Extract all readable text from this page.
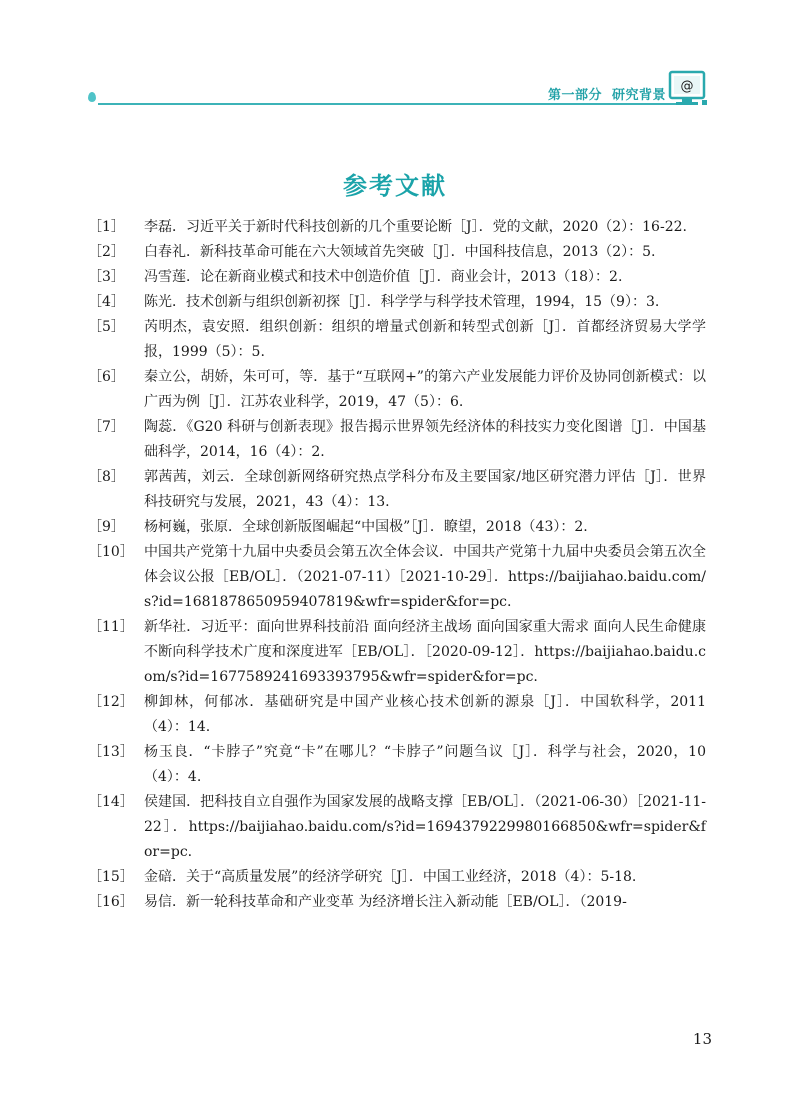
第一部分  研究背景
@
参考文献
［1］	李磊．习近平关于新时代科技创新的几个重要论断［J］．党的文献，2020（2）：16-22.
［2］	白春礼．新科技革命可能在六大领域首先突破［J］．中国科技信息，2013（2）：5.
［3］	冯雪莲．论在新商业模式和技术中创造价值［J］．商业会计，2013（18）：2.
［4］	陈光．技术创新与组织创新初探［J］．科学学与科学技术管理，1994，15（9）：3.
［5］	芮明杰，袁安照．组织创新：组织的增量式创新和转型式创新［J］．首都经济贸易大学学报，1999（5）：5.
［6］	秦立公，胡娇，朱可可，等．基于“互联网+”的第六产业发展能力评价及协同创新模式：以广西为例［J］．江苏农业科学，2019，47（5）：6.
［7］	陶蕊．《G20 科研与创新表现》报告揭示世界领先经济体的科技实力变化图谱［J］．中国基础科学，2014，16（4）：2.
［8］	郭茜茜，刘云．全球创新网络研究热点学科分布及主要国家/地区研究潜力评估［J］．世界科技研究与发展，2021，43（4）：13.
［9］	杨柯巍，张原．全球创新版图崛起“中国极”［J］．瞭望，2018（43）：2.
［10］ 中国共产党第十九届中央委员会第五次全体会议．中国共产党第十九届中央委员会第五次全体会议公报［EB/OL］．（2021-07-11）［2021-10-29］．https://baijiahao.baidu.com/s?id=1681878650959407819&wfr=spider&for=pc.
［11］ 新华社．习近平：面向世界科技前沿 面向经济主战场 面向国家重大需求 面向人民生命健康 不断向科学技术广度和深度进军［EB/OL］．［2020-09-12］．https://baijiahao.baidu.com/s?id=1677589241693393795&wfr=spider&for=pc.
［12］ 柳卸林，何郁冰．基础研究是中国产业核心技术创新的源泉［J］．中国软科学，2011（4）：14.
［13］ 杨玉良．“卡脖子”究竟“卡”在哪儿？“卡脖子”问题刍议［J］．科学与社会，2020，10（4）：4.
［14］ 侯建国．把科技自立自强作为国家发展的战略支撑［EB/OL］．（2021-06-30）［2021-11-22］．https://baijiahao.baidu.com/s?id=1694379229980166850&wfr=spider&for=pc.
［15］ 金碚．关于“高质量发展”的经济学研究［J］．中国工业经济，2018（4）：5-18.
［16］ 易信．新一轮科技革命和产业变革 为经济增长注入新动能［EB/OL］．（2019-
13
